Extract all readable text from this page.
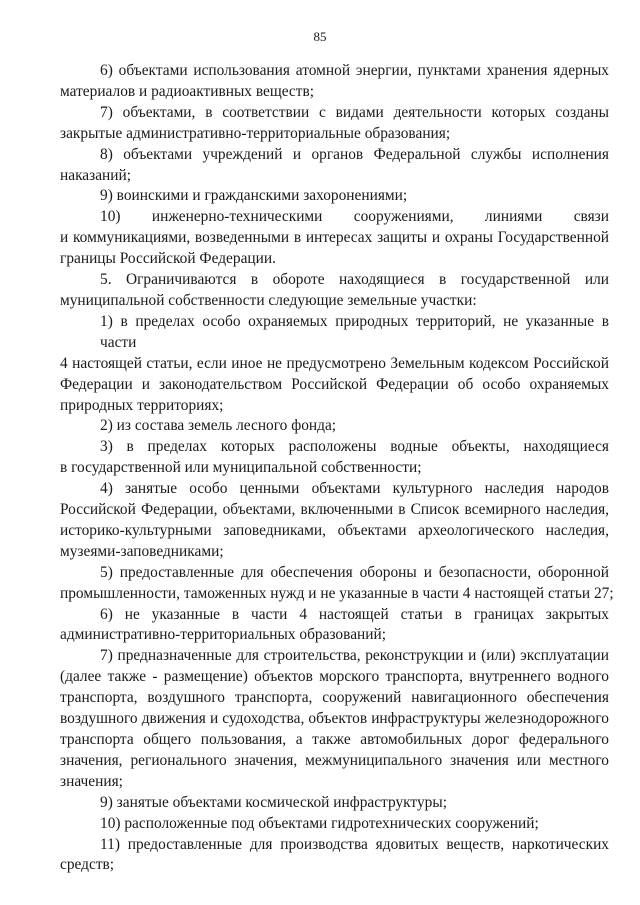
85
6) объектами использования атомной энергии, пунктами хранения ядерных
материалов и радиоактивных веществ;
7) объектами, в соответствии с видами деятельности которых созданы
закрытые административно-территориальные образования;
8) объектами учреждений и органов Федеральной службы исполнения
наказаний;
9) воинскими и гражданскими захоронениями;
10) инженерно-техническими сооружениями, линиями связи
и коммуникациями, возведенными в интересах защиты и охраны Государственной
границы Российской Федерации.
5. Ограничиваются в обороте находящиеся в государственной или
муниципальной собственности следующие земельные участки:
1) в пределах особо охраняемых природных территорий, не указанные в части
4 настоящей статьи, если иное не предусмотрено Земельным кодексом Российской
Федерации и законодательством Российской Федерации об особо охраняемых
природных территориях;
2) из состава земель лесного фонда;
3) в пределах которых расположены водные объекты, находящиеся
в государственной или муниципальной собственности;
4) занятые особо ценными объектами культурного наследия народов
Российской Федерации, объектами, включенными в Список всемирного наследия,
историко-культурными заповедниками, объектами археологического наследия,
музеями-заповедниками;
5) предоставленные для обеспечения обороны и безопасности, оборонной
промышленности, таможенных нужд и не указанные в части 4 настоящей статьи 27;
6) не указанные в части 4 настоящей статьи в границах закрытых
административно-территориальных образований;
7) предназначенные для строительства, реконструкции и (или) эксплуатации
(далее также - размещение) объектов морского транспорта, внутреннего водного
транспорта, воздушного транспорта, сооружений навигационного обеспечения
воздушного движения и судоходства, объектов инфраструктуры железнодорожного
транспорта общего пользования, а также автомобильных дорог федерального
значения, регионального значения, межмуниципального значения или местного
значения;
9) занятые объектами космической инфраструктуры;
10) расположенные под объектами гидротехнических сооружений;
11) предоставленные для производства ядовитых веществ, наркотических
средств;
